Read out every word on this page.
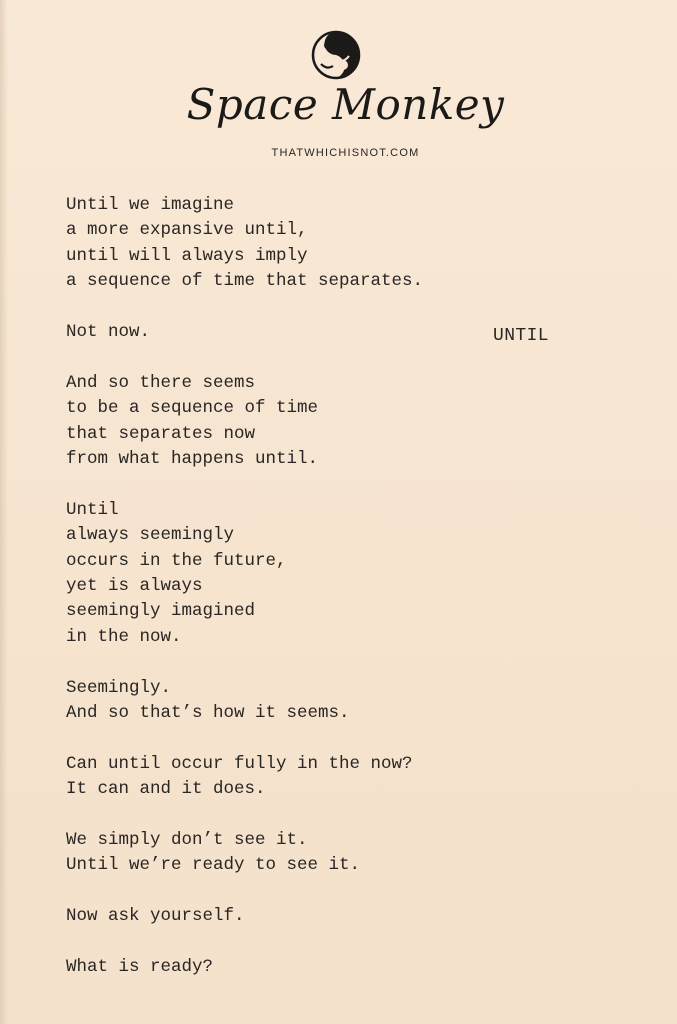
Space Monkey
THATWHICHISNOT.COM
UNTIL

Until we imagine
a more expansive until,
until will always imply
a sequence of time that separates.

Not now.

And so there seems
to be a sequence of time
that separates now
from what happens until.

Until
always seemingly
occurs in the future,
yet is always
seemingly imagined
in the now.

Seemingly.
And so that’s how it seems.

Can until occur fully in the now?
It can and it does.

We simply don’t see it.
Until we’re ready to see it.

Now ask yourself.

What is ready?
